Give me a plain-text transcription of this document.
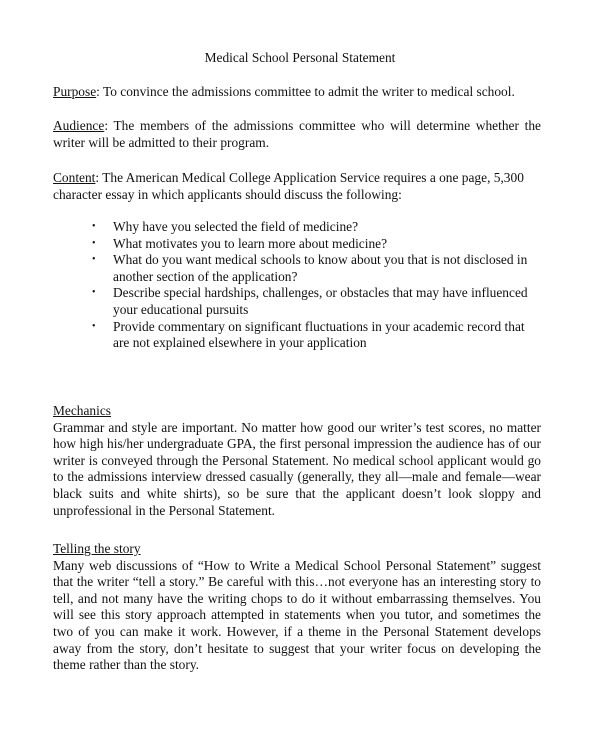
Medical School Personal Statement

Purpose: To convince the admissions committee to admit the writer to medical school.

Audience: The members of the admissions committee who will determine whether the writer will be admitted to their program.

Content: The American Medical College Application Service requires a one page, 5,300 character essay in which applicants should discuss the following:

• Why have you selected the field of medicine?
• What motivates you to learn more about medicine?
• What do you want medical schools to know about you that is not disclosed in another section of the application?
• Describe special hardships, challenges, or obstacles that may have influenced your educational pursuits
• Provide commentary on significant fluctuations in your academic record that are not explained elsewhere in your application

Mechanics
Grammar and style are important. No matter how good our writer’s test scores, no matter how high his/her undergraduate GPA, the first personal impression the audience has of our writer is conveyed through the Personal Statement. No medical school applicant would go to the admissions interview dressed casually (generally, they all—male and female—wear black suits and white shirts), so be sure that the applicant doesn’t look sloppy and unprofessional in the Personal Statement.

Telling the story
Many web discussions of “How to Write a Medical School Personal Statement” suggest that the writer “tell a story.” Be careful with this…not everyone has an interesting story to tell, and not many have the writing chops to do it without embarrassing themselves. You will see this story approach attempted in statements when you tutor, and sometimes the two of you can make it work. However, if a theme in the Personal Statement develops away from the story, don’t hesitate to suggest that your writer focus on developing the theme rather than the story.
